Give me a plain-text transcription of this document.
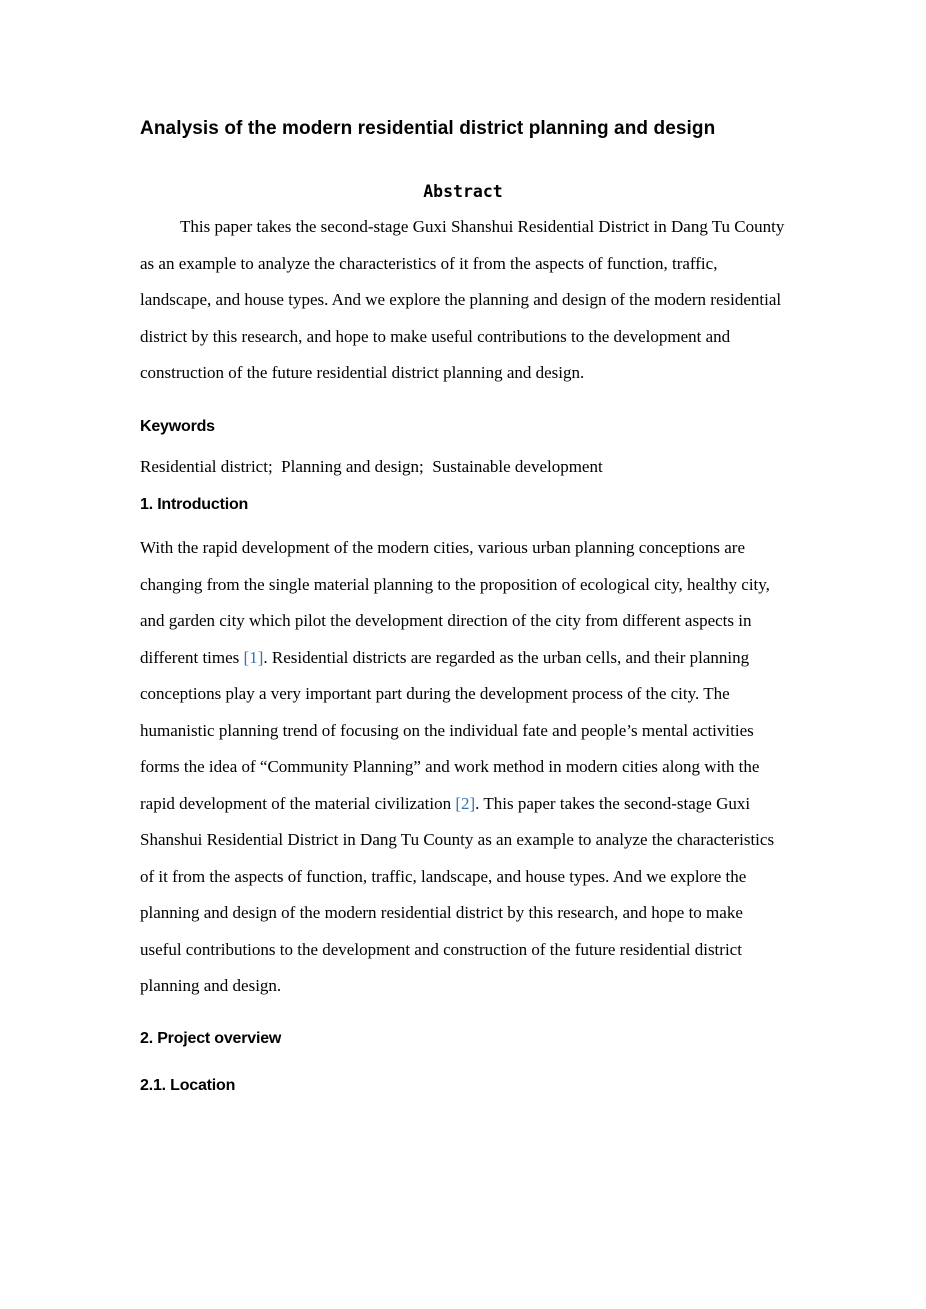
Analysis of the modern residential district planning and design
Abstract

This paper takes the second-stage Guxi Shanshui Residential District in Dang Tu County as an example to analyze the characteristics of it from the aspects of function, traffic, landscape, and house types. And we explore the planning and design of the modern residential district by this research, and hope to make useful contributions to the development and construction of the future residential district planning and design.

Keywords

Residential district;  Planning and design;  Sustainable development

1. Introduction

With the rapid development of the modern cities, various urban planning conceptions are changing from the single material planning to the proposition of ecological city, healthy city, and garden city which pilot the development direction of the city from different aspects in different times [1]. Residential districts are regarded as the urban cells, and their planning conceptions play a very important part during the development process of the city. The humanistic planning trend of focusing on the individual fate and people’s mental activities forms the idea of “Community Planning” and work method in modern cities along with the rapid development of the material civilization [2]. This paper takes the second-stage Guxi Shanshui Residential District in Dang Tu County as an example to analyze the characteristics of it from the aspects of function, traffic, landscape, and house types. And we explore the planning and design of the modern residential district by this research, and hope to make useful contributions to the development and construction of the future residential district planning and design.

2. Project overview
2.1. Location
